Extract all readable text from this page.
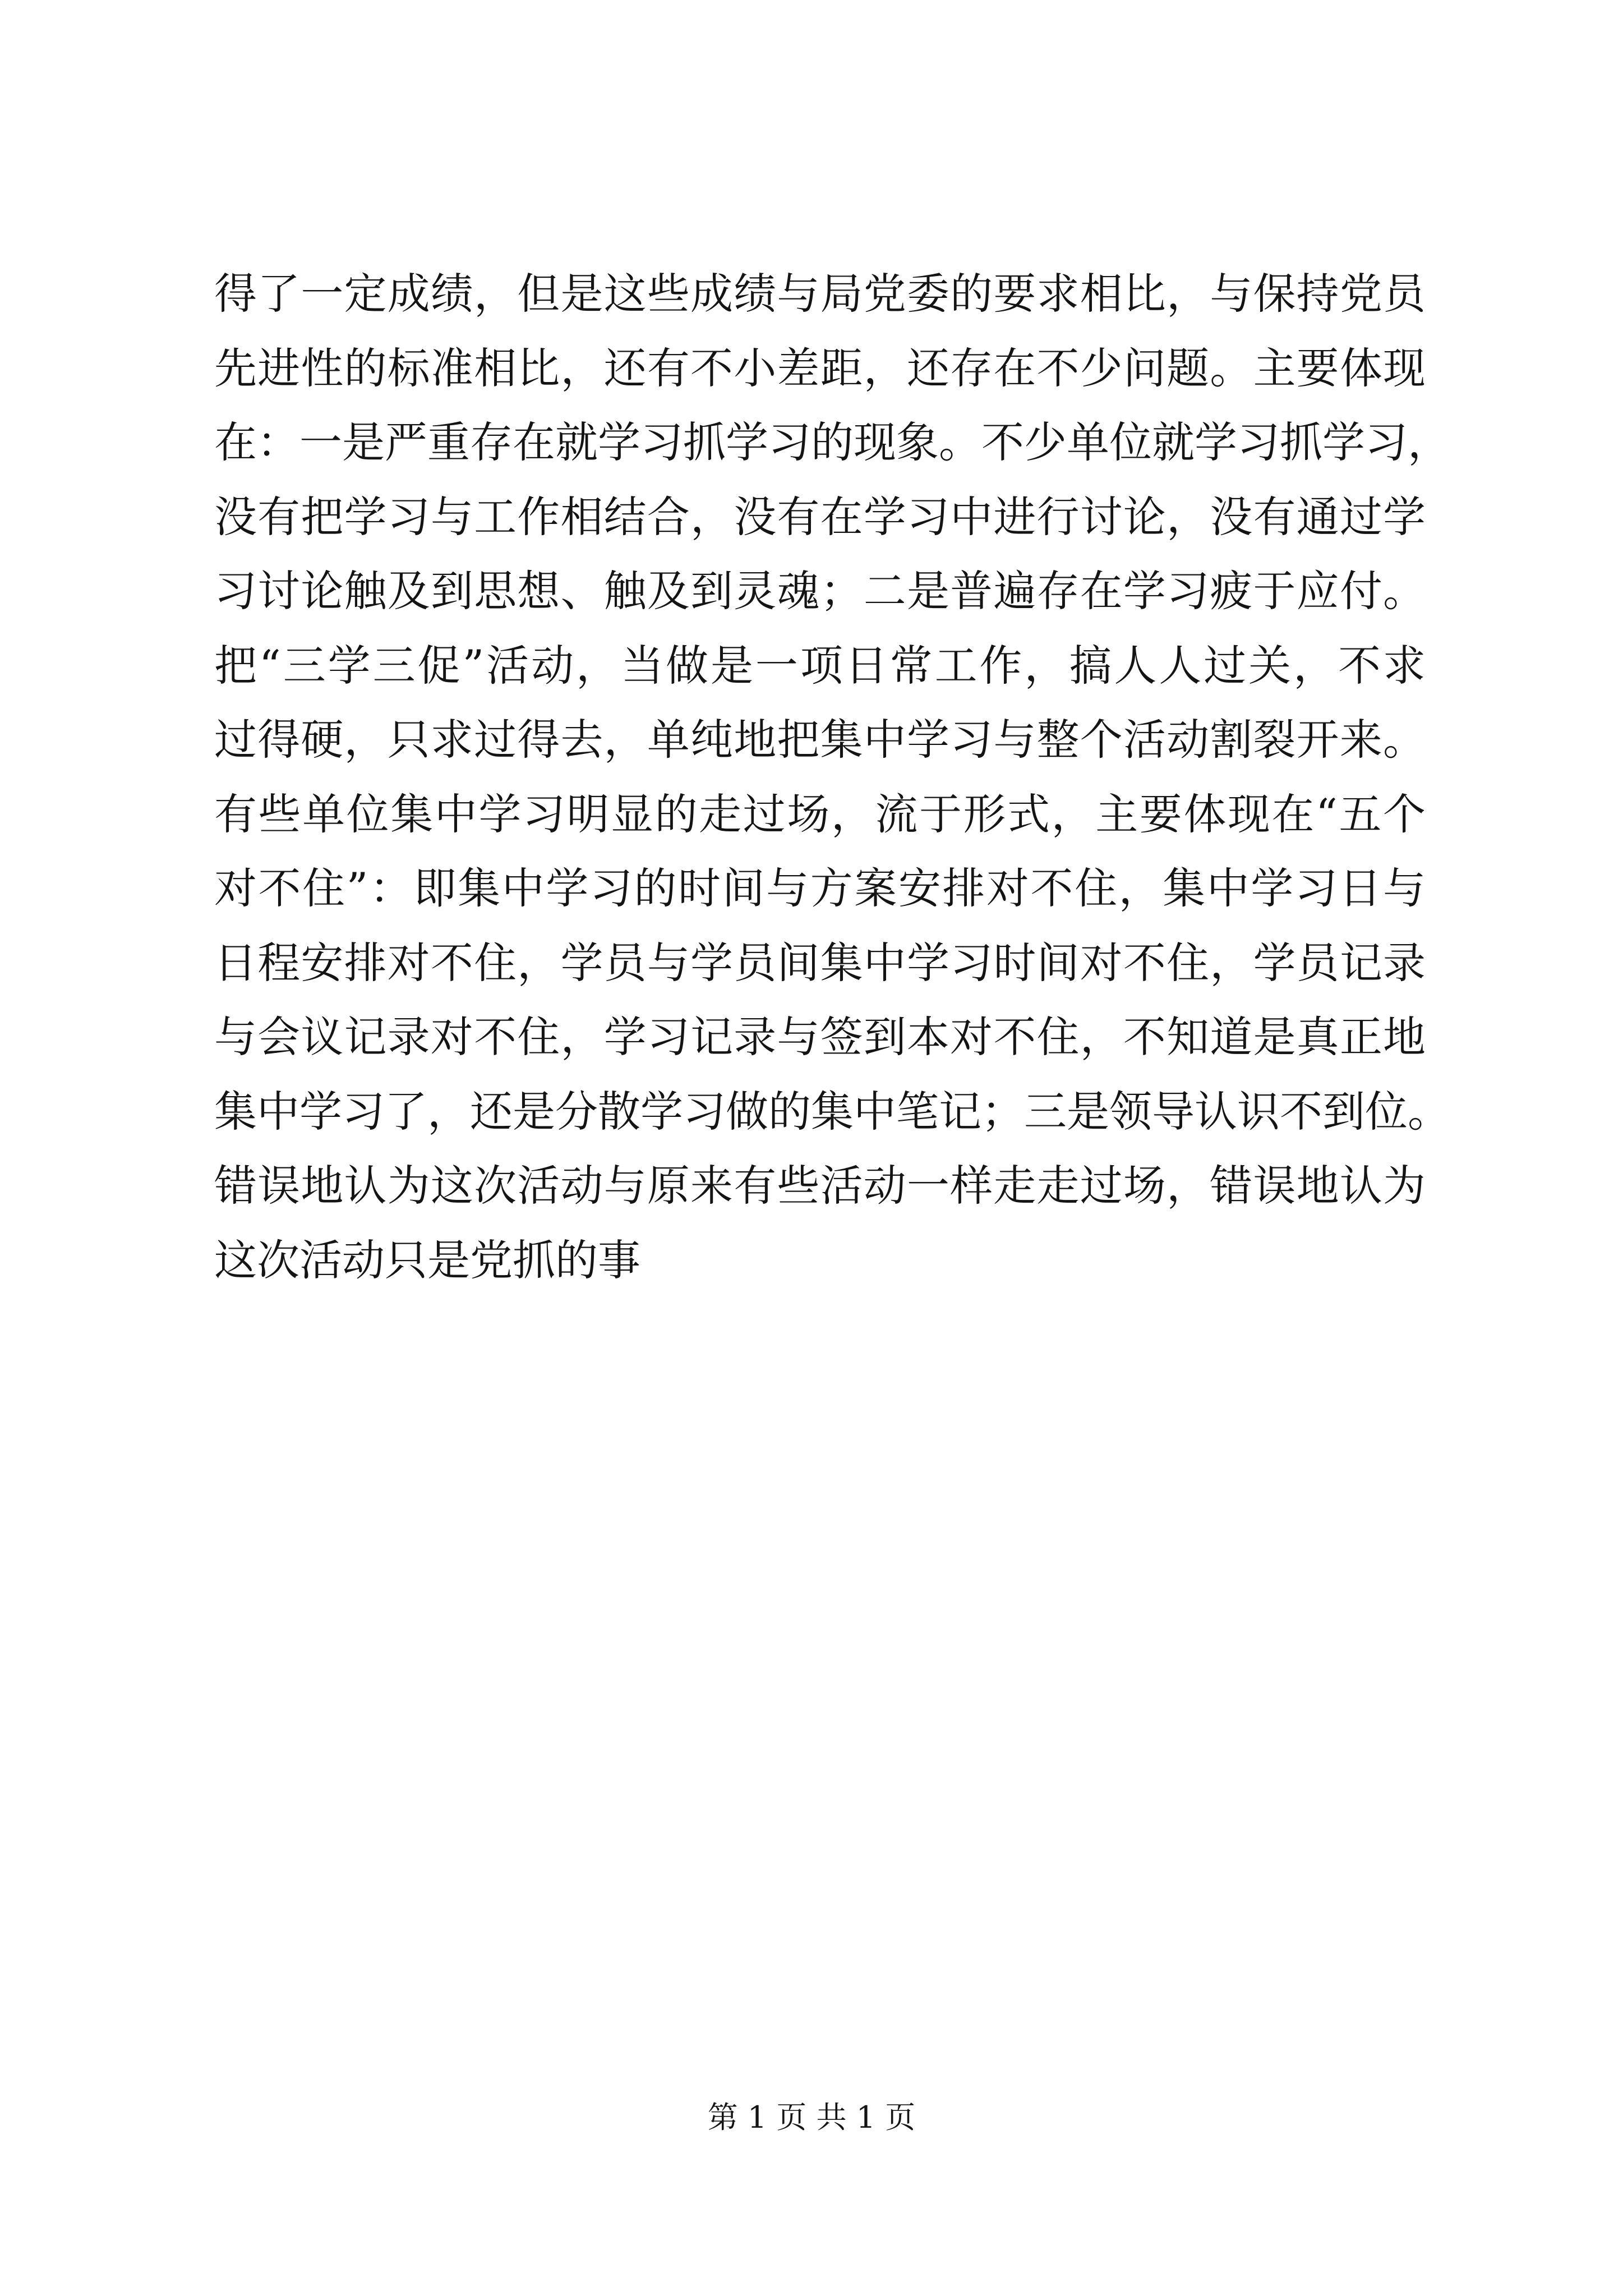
得了一定成绩，但是这些成绩与局党委的要求相比，与保持党员
先进性的标准相比，还有不小差距，还存在不少问题。主要体现
在：一是严重存在就学习抓学习的现象。不少单位就学习抓学习，
没有把学习与工作相结合，没有在学习中进行讨论，没有通过学
习讨论触及到思想、触及到灵魂；二是普遍存在学习疲于应付。
把“三学三促”活动，当做是一项日常工作，搞人人过关，不求
过得硬，只求过得去，单纯地把集中学习与整个活动割裂开来。
有些单位集中学习明显的走过场，流于形式，主要体现在“五个
对不住”：即集中学习的时间与方案安排对不住，集中学习日与
日程安排对不住，学员与学员间集中学习时间对不住，学员记录
与会议记录对不住，学习记录与签到本对不住，不知道是真正地
集中学习了，还是分散学习做的集中笔记；三是领导认识不到位。
错误地认为这次活动与原来有些活动一样走走过场，错误地认为
这次活动只是党抓的事
第 1 页 共 1 页
